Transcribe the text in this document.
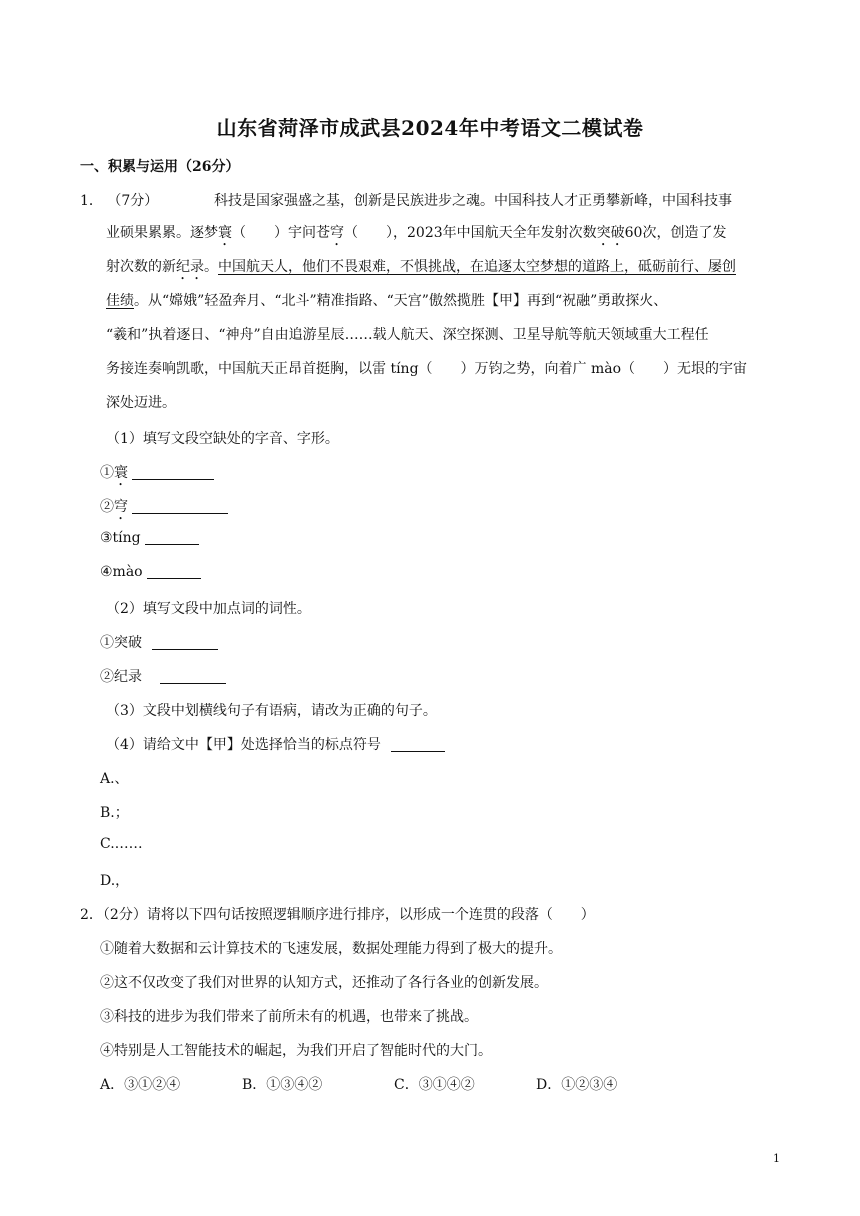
山东省菏泽市成武县2024年中考语文二模试卷
一、积累与运用（26分）
1． （7分）	科技是国家强盛之基，创新是民族进步之魂。中国科技人才正勇攀新峰，中国科技事
业硕果累累。逐梦寰（　　）宇问苍穹（　　），2023年中国航天全年发射次数突破60次，创造了发
射次数的新纪录。中国航天人，他们不畏艰难，不惧挑战，在追逐太空梦想的道路上，砥砺前行、屡创
佳绩。从“嫦娥”轻盈奔月、“北斗”精准指路、“天宫”傲然揽胜【甲】再到“祝融”勇敢探火、
“羲和”执着逐日、“神舟”自由追游星辰……载人航天、深空探测、卫星导航等航天领域重大工程任
务接连奏响凯歌，中国航天正昂首挺胸，以雷 tíng（　　）万钧之势，向着广 mào（　　）无垠的宇宙
深处迈进。
（1）填写文段空缺处的字音、字形。
①寰
②穹
③tíng
④mào
（2）填写文段中加点词的词性。
①突破
②纪录
（3）文段中划横线句子有语病，请改为正确的句子。
（4）请给文中【甲】处选择恰当的标点符号
A.、
B.；
C.……
D.，
2．（2分）请将以下四句话按照逻辑顺序进行排序，以形成一个连贯的段落（　　）
①随着大数据和云计算技术的飞速发展，数据处理能力得到了极大的提升。
②这不仅改变了我们对世界的认知方式，还推动了各行各业的创新发展。
③科技的进步为我们带来了前所未有的机遇，也带来了挑战。
④特别是人工智能技术的崛起，为我们开启了智能时代的大门。
A．③①②④	B．①③④②	C．③①④②	D．①②③④
1
